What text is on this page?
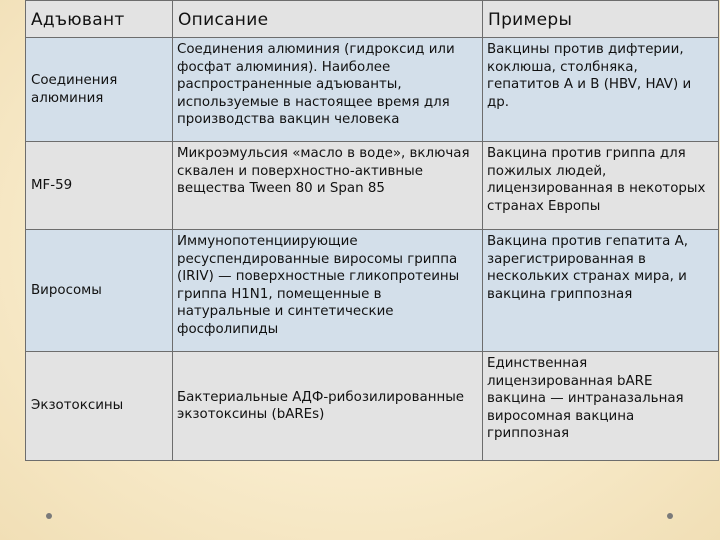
Адъювант	Описание	Примеры
Соединения алюминия	Соединения алюминия (гидроксид или фосфат алюминия). Наиболее распространенные адъюванты, используемые в настоящее время для производства вакцин человека	Вакцины против дифтерии, коклюша, столбняка, гепатитов A и B (HBV, HAV) и др.
MF-59	Микроэмульсия «масло в воде», включая сквален и поверхностно-активные вещества Tween 80 и Span 85	Вакцина против гриппа для пожилых людей, лицензированная в некоторых странах Европы
Виросомы	Иммунопотенциирующие ресуспендированные виросомы гриппа (IRIV) — поверхностные гликопротеины гриппа H1N1, помещенные в натуральные и синтетические фосфолипиды	Вакцина против гепатита А, зарегистрированная в нескольких странах мира, и вакцина гриппозная
Экзотоксины	Бактериальные АДФ-рибозилированные экзотоксины (bAREs)	Единственная лицензированная bARE вакцина — интраназальная виросомная вакцина гриппозная
